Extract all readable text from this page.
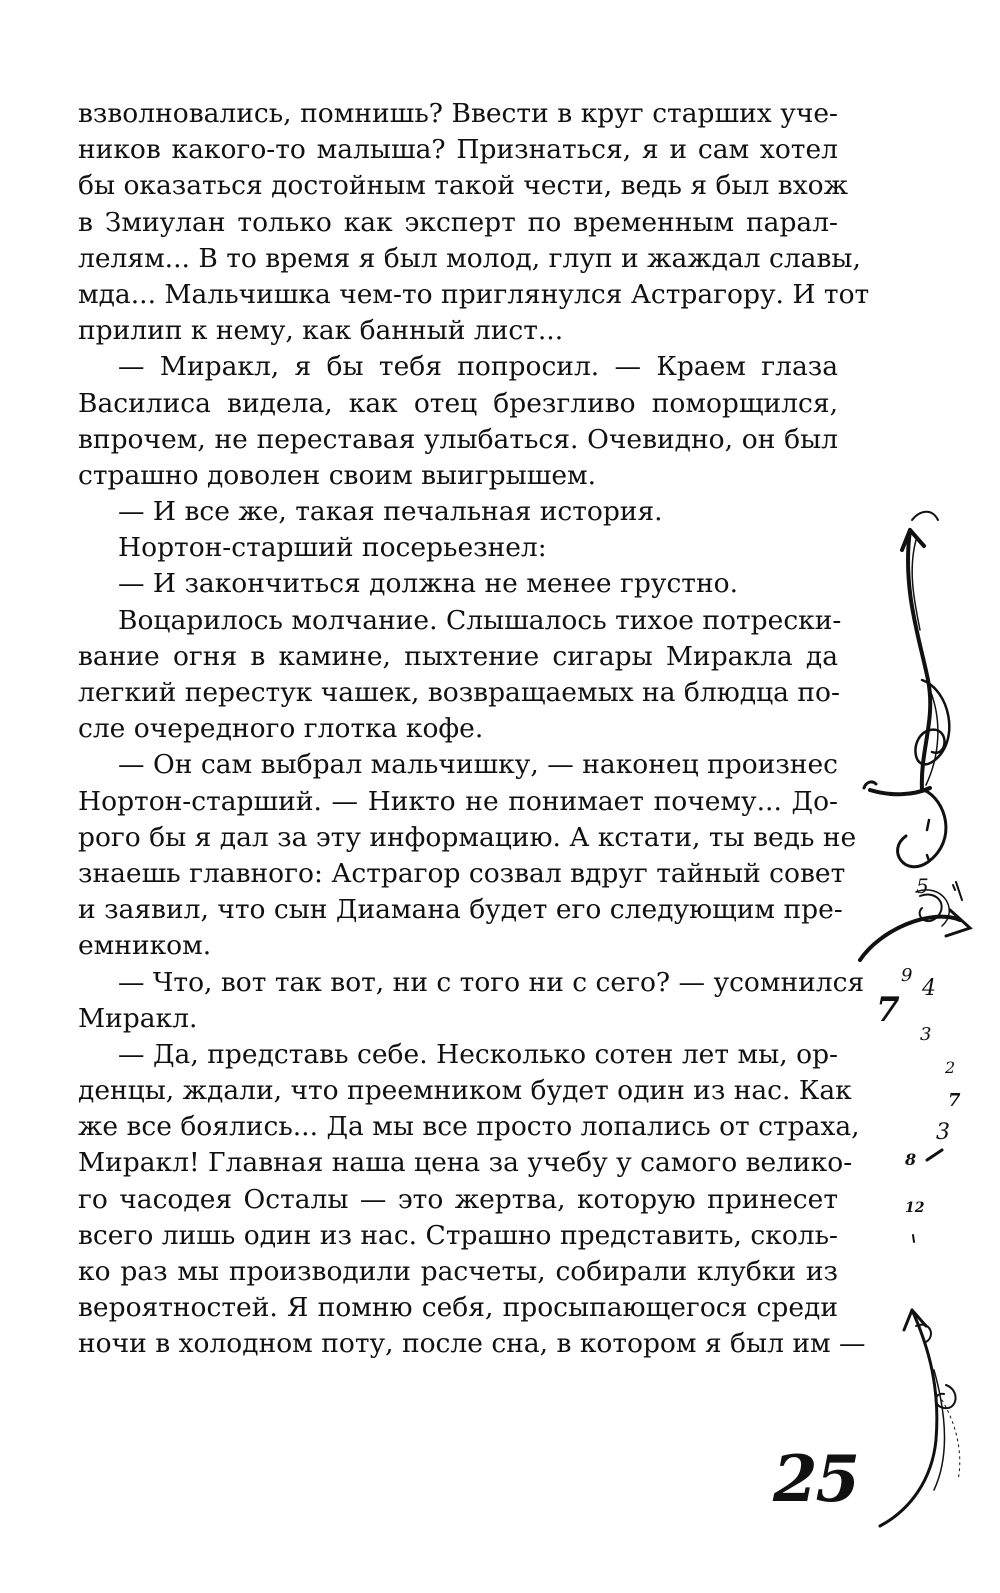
взволновались, помнишь? Ввести в круг старших уче-
ников какого-то малыша? Признаться, я и сам хотел
бы оказаться достойным такой чести, ведь я был вхож
в Змиулан только как эксперт по временным парал-
лелям... В то время я был молод, глуп и жаждал славы,
мда... Мальчишка чем-то приглянулся Астрагору. И тот
прилип к нему, как банный лист...
— Миракл, я бы тебя попросил. — Краем глаза
Василиса видела, как отец брезгливо поморщился,
впрочем, не переставая улыбаться. Очевидно, он был
страшно доволен своим выигрышем.
— И все же, такая печальная история.
Нортон-старший посерьезнел:
— И закончиться должна не менее грустно.
Воцарилось молчание. Слышалось тихое потрески-
вание огня в камине, пыхтение сигары Миракла да
легкий перестук чашек, возвращаемых на блюдца по-
сле очередного глотка кофе.
— Он сам выбрал мальчишку, — наконец произнес
Нортон-старший. — Никто не понимает почему... До-
рого бы я дал за эту информацию. А кстати, ты ведь не
знаешь главного: Астрагор созвал вдруг тайный совет
и заявил, что сын Диамана будет его следующим пре-
емником.
— Что, вот так вот, ни с того ни с сего? — усомнился
Миракл.
— Да, представь себе. Несколько сотен лет мы, ор-
денцы, ждали, что преемником будет один из нас. Как
же все боялись... Да мы все просто лопались от страха,
Миракл! Главная наша цена за учебу у самого велико-
го часодея Осталы — это жертва, которую принесет
всего лишь один из нас. Страшно представить, сколь-
ко раз мы производили расчеты, собирали клубки из
вероятностей. Я помню себя, просыпающегося среди
ночи в холодном поту, после сна, в котором я был им —
5
9
4
7
3
2
7
3
8
12
25
